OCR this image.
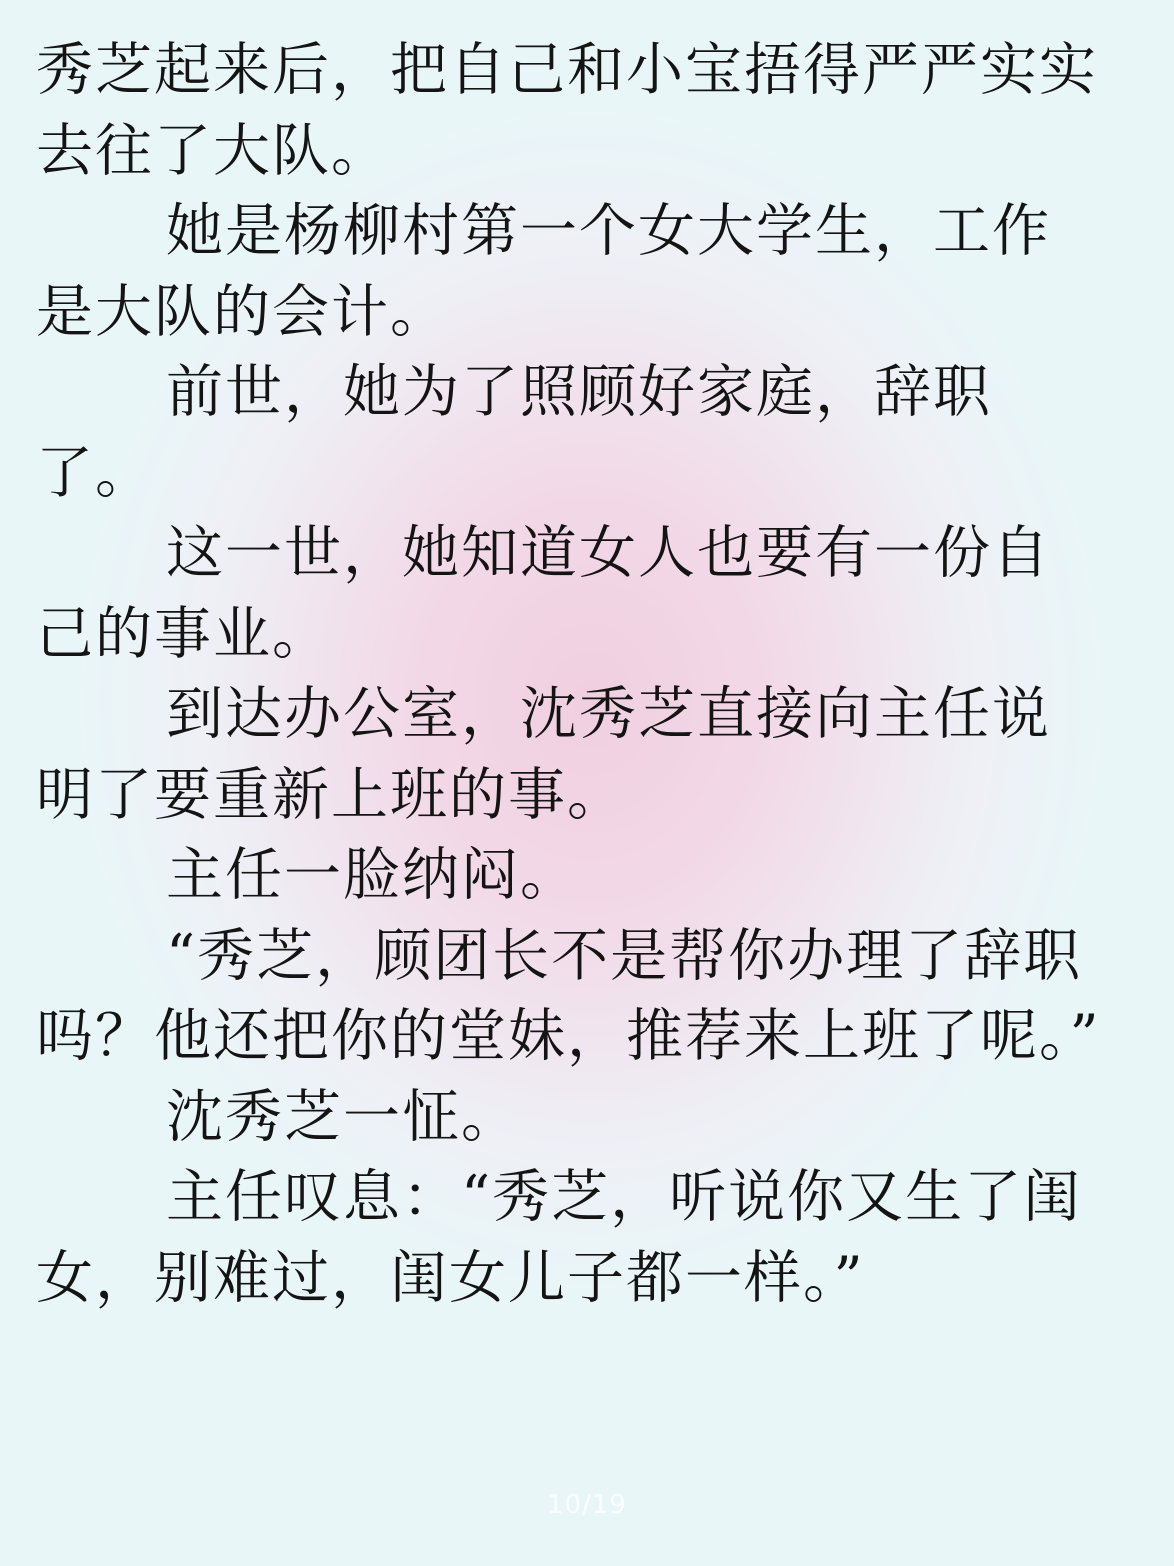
秀芝起来后，把自己和小宝捂得严严实实去往了大队。

她是杨柳村第一个女大学生，工作是大队的会计。

前世，她为了照顾好家庭，辞职了。

这一世，她知道女人也要有一份自己的事业。

到达办公室，沈秀芝直接向主任说明了要重新上班的事。

主任一脸纳闷。

“秀芝，顾团长不是帮你办理了辞职吗？他还把你的堂妹，推荐来上班了呢。”

沈秀芝一怔。

主任叹息：“秀芝，听说你又生了闺女，别难过，闺女儿子都一样。”

10/19
